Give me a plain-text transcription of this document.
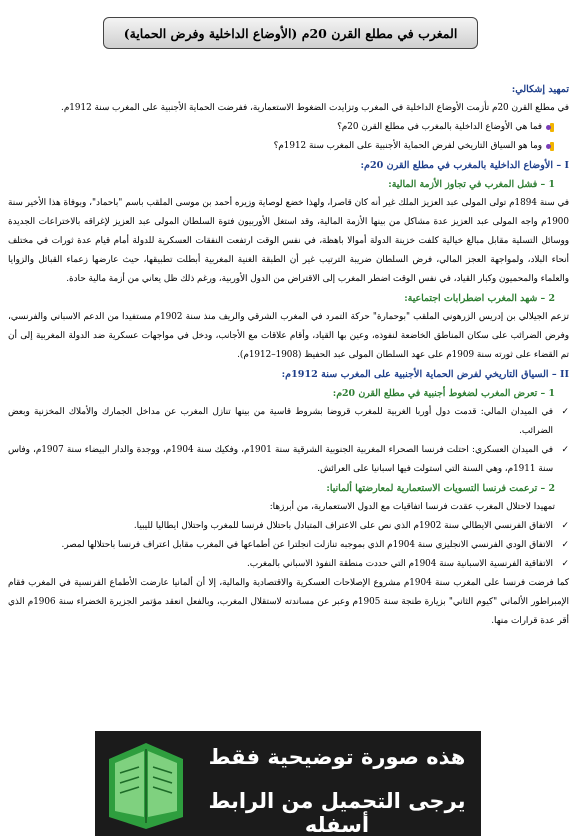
المغرب في مطلع القرن 20م (الأوضاع الداخلية وفرض الحماية)
تمهيد إشكالي:

في مطلع القرن 20م تأزمت الأوضاع الداخلية في المغرب وتزايدت الضغوط الاستعمارية، ففرضت الحماية الأجنبية على المغرب سنة 1912م.

فما هي الأوضاع الداخلية بالمغرب في مطلع القرن 20م؟
وما هو السياق التاريخي لفرض الحماية الأجنبية على المغرب سنة 1912م؟
I – الأوضاع الداخلية بالمغرب في مطلع القرن 20م:
1 – فشل المغرب في تجاوز الأزمة المالية:

في سنة 1894م تولى المولى عبد العزيز الملك غير أنه كان قاصرا، ولهذا خضع لوصاية وزيره أحمد بن موسى الملقب باسم "باحماد"، وبوفاة هذا الأخير سنة 1900م واجه المولى عبد العزيز عدة مشاكل من بينها الأزمة المالية، وقد استغل الأوربيون فتوة السلطان المولى عبد العزيز لإغراقه بالاختراعات الجديدة ووسائل التسلية مقابل مبالغ خيالية كلفت خزينة الدولة أموالا باهظة، في نفس الوقت ارتفعت النفقات العسكرية للدولة أمام قيام عدة ثورات في مختلف أنحاء البلاد، ولمواجهة العجز المالي، فرض السلطان ضريبة الترتيب غير أن الطبقة الغنية المغربية أبطلت تطبيقها، حيث عارضها زعماء القبائل والزوايا والعلماء والمحميون وكبار القياد، في نفس الوقت اضطر المغرب إلى الاقتراض من الدول الأوربية، ورغم ذلك ظل يعاني من أزمة مالية حادة.

2 – شهد المغرب اضطرابات اجتماعية:

تزعم الجيلالي بن إدريس الزرهوني الملقب "بوحمارة" حركة التمرد في المغرب الشرقي والريف منذ سنة 1902م مستفيدا من الدعم الاسباني والفرنسي، وفرض الضرائب على سكان المناطق الخاضعة لنفوذه، وعين بها القياد، وأقام علاقات مع الأجانب، ودخل في مواجهات عسكرية ضد الدولة المغربية إلى أن تم القضاء على ثورته سنة 1909م على عهد السلطان المولى عبد الحفيظ (1908–1912م).

II – السياق التاريخي لفرض الحماية الأجنبية على المغرب سنة 1912م:
1 – تعرض المغرب لضغوط أجنبية في مطلع القرن 20م:
✓
في الميدان المالي: قدمت دول أوربا الغربية للمغرب قروضا بشروط قاسية من بينها تنازل المغرب عن مداخل الجمارك والأملاك المخزنية وبعض الضرائب.
✓
في الميدان العسكري: احتلت فرنسا الصحراء المغربية الجنوبية الشرقية سنة 1901م، وفكيك سنة 1904م، ووجدة والدار البيضاء سنة 1907م، وفاس سنة 1911م، وهي السنة التي استولت فيها اسبانيا على العرائش.
2 – ترعمت فرنسا التسويات الاستعمارية لمعارضتها ألمانيا:

تمهيدا لاحتلال المغرب عقدت فرنسا اتفاقيات مع الدول الاستعمارية، من أبرزها:

✓
الاتفاق الفرنسي الايطالي سنة 1902م الذي نص على الاعتراف المتبادل باحتلال فرنسا للمغرب واحتلال ايطاليا لليبيا.
✓
الاتفاق الودي الفرنسي الانجليزي سنة 1904م الذي بموجبه تنازلت انجلترا عن أطماعها في المغرب مقابل اعتراف فرنسا باحتلالها لمصر.
✓
الاتفاقية الفرنسية الاسبانية سنة 1904م التي حددت منطقة النفوذ الاسباني بالمغرب.

كما فرضت فرنسا على المغرب سنة 1904م مشروع الإصلاحات العسكرية والاقتصادية والمالية، إلا أن ألمانيا عارضت الأطماع الفرنسية في المغرب فقام الإمبراطور الألماني "كيوم الثاني" بزيارة طنجة سنة 1905م وعبر عن مساندته لاستقلال المغرب، وبالفعل انعقد مؤتمر الجزيرة الخضراء سنة 1906م الذي أقر عدة قرارات منها.

هذه صورة توضيحية فقط
يرجى التحميل من الرابط أسفله
